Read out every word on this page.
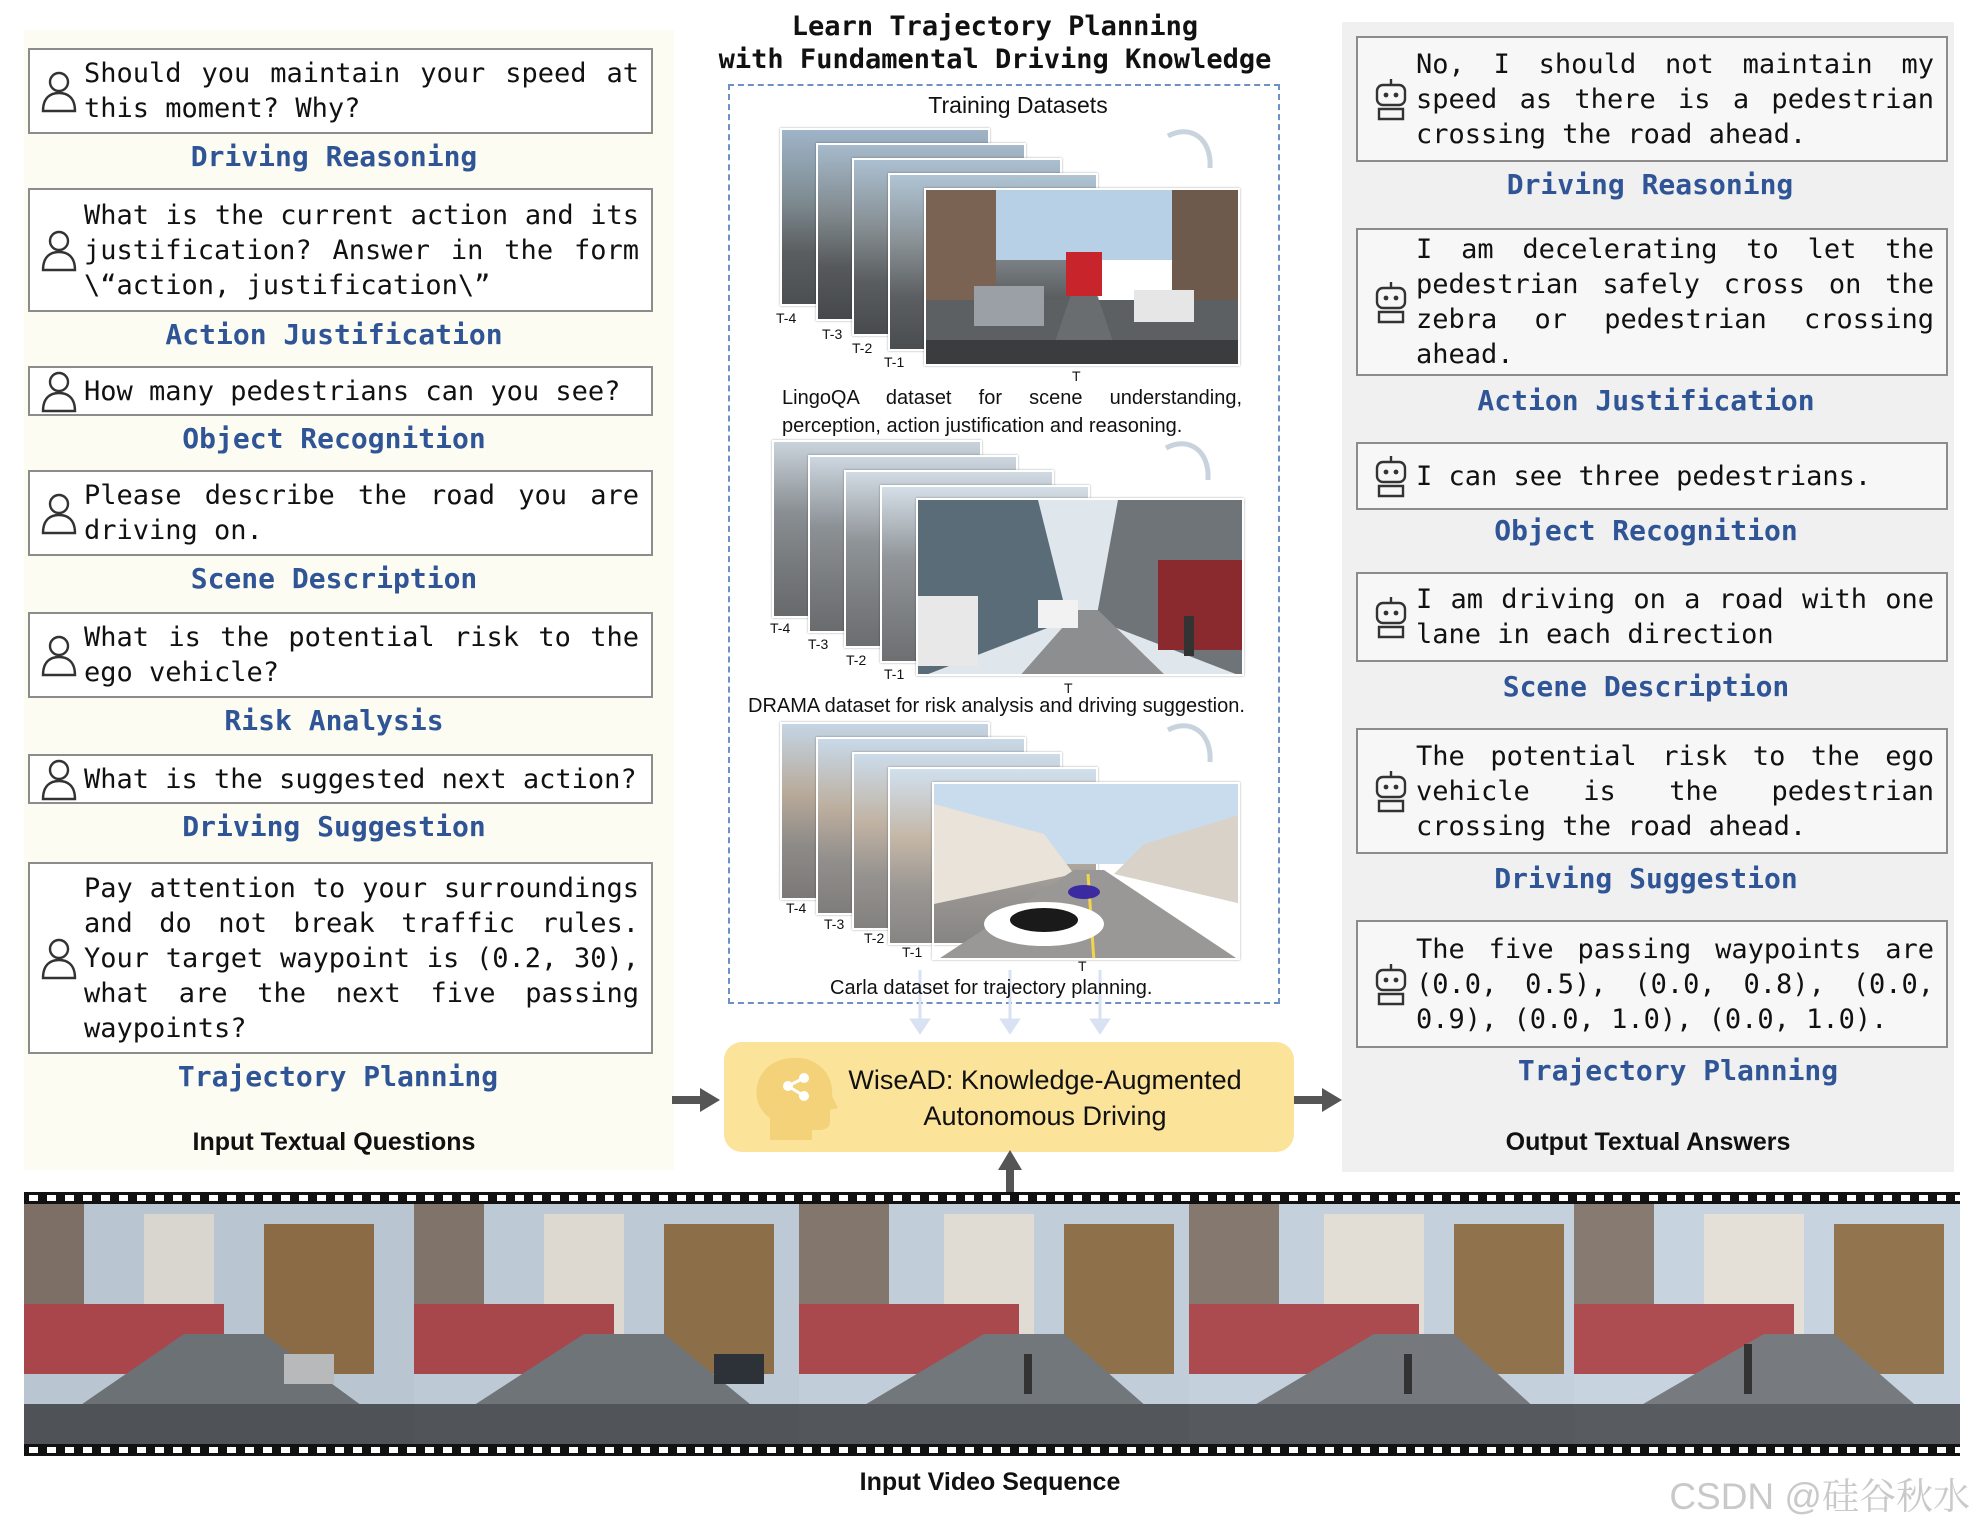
Should you maintain your speed at this moment? Why?
Driving Reasoning
What is the current action and its justification? Answer in the form \“action, justification\”
Action Justification
How many pedestrians can you see?
Object Recognition
Please describe the road you are driving on.
Scene Description
What is the potential risk to the ego vehicle?
Risk Analysis
What is the suggested next action?
Driving Suggestion
Pay attention to your surroundings and do not break traffic rules. Your target waypoint is (0.2, 30), what are the next five passing waypoints?
Trajectory Planning
Input Textual Questions
Learn Trajectory Planning
with Fundamental Driving Knowledge
Training Datasets
T-4
T-3
T-2
T-1
T
LingoQA dataset for scene understanding,
perception, action justification and reasoning.
T-4
T-3
T-2
T-1
T
DRAMA dataset for risk analysis and driving suggestion.
T-4
T-3
T-2
T-1
T
Carla dataset for trajectory planning.
WiseAD: Knowledge-Augmented
Autonomous Driving
No, I should not maintain my speed as there is a pedestrian crossing the road ahead.
Driving Reasoning
I am decelerating to let the pedestrian safely cross on the zebra or pedestrian crossing ahead.
Action Justification
I can see three pedestrians.
Object Recognition
I am driving on a road with one lane in each direction
Scene Description
The potential risk to the ego vehicle is the pedestrian crossing the road ahead.
Driving Suggestion
The five passing waypoints are (0.0, 0.5), (0.0, 0.8), (0.0, 0.9), (0.0, 1.0), (0.0, 1.0).
Trajectory Planning
Output Textual Answers
Input Video Sequence	CSDN @硅谷秋水
